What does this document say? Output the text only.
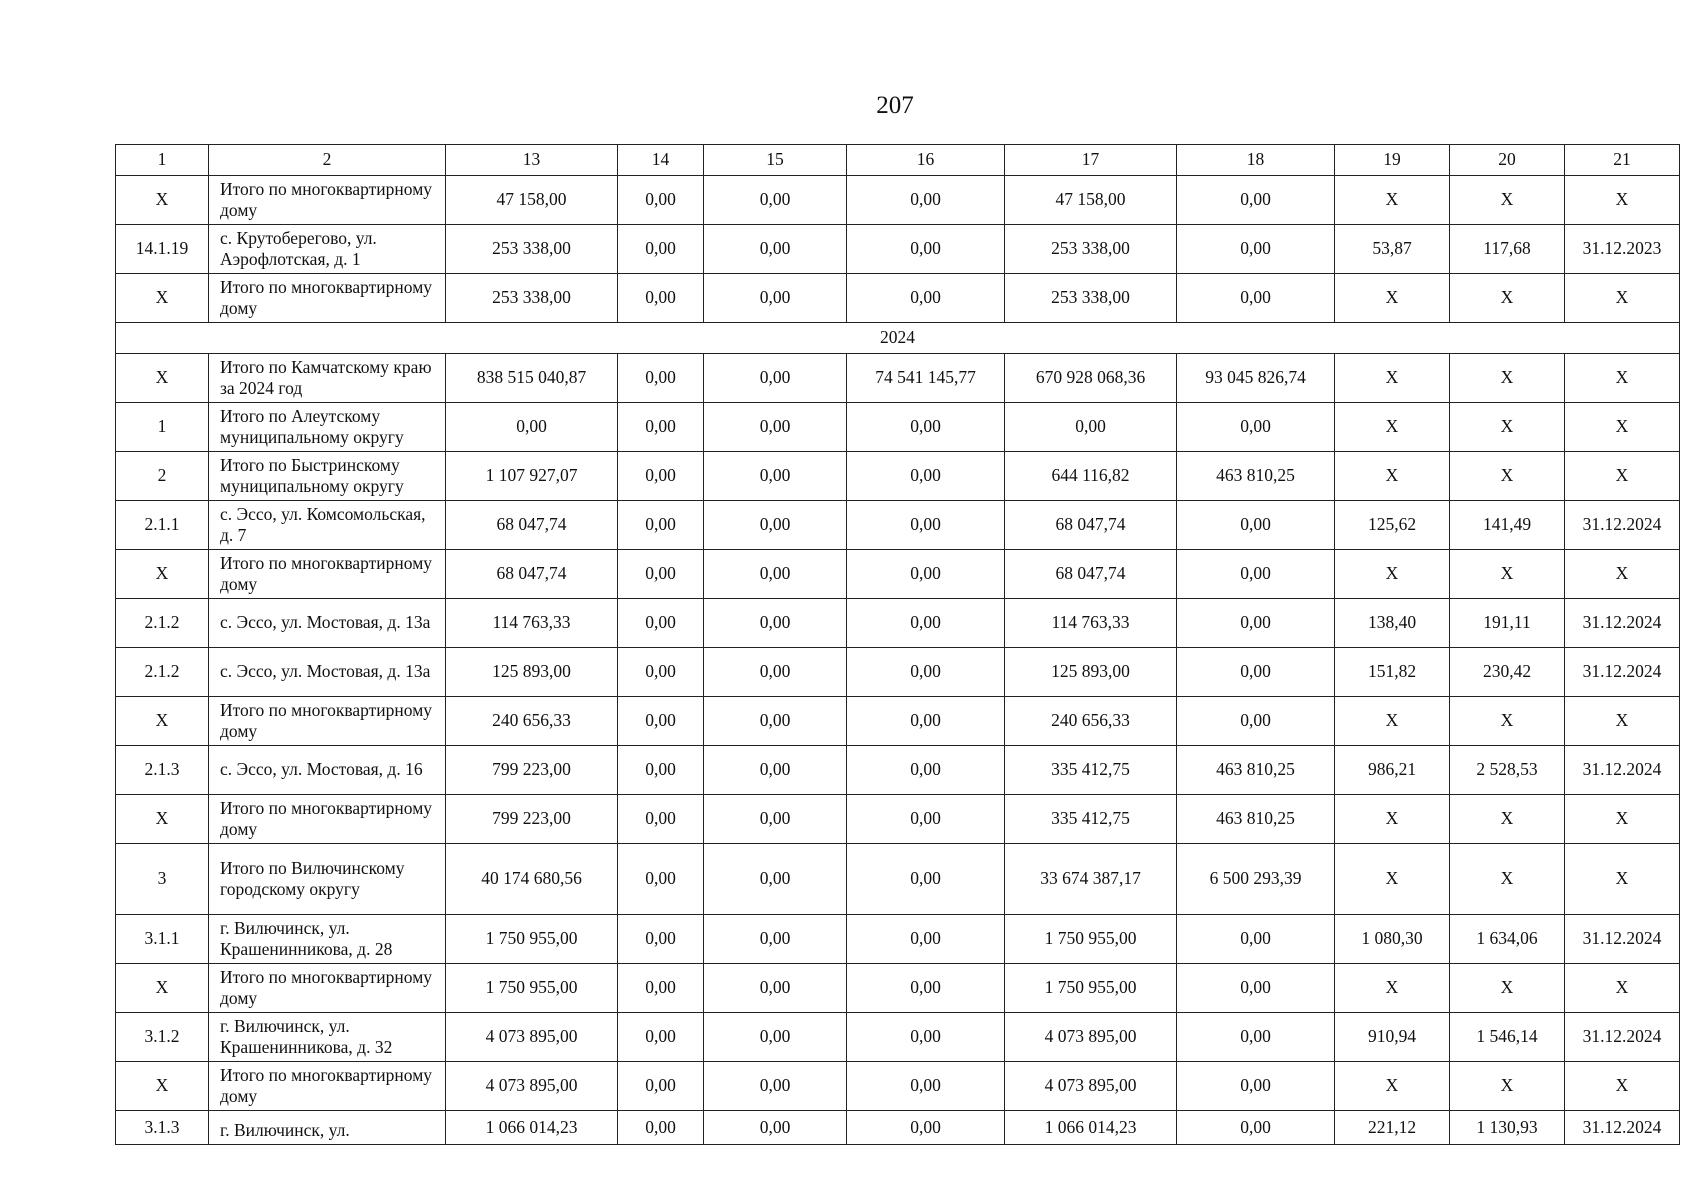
207
1	2	13	14	15	16	17	18	19	20	21
Х	Итого по многоквартирному дому	47 158,00	0,00	0,00	0,00	47 158,00	0,00	Х	Х	Х
14.1.19	с. Крутоберегово, ул. Аэрофлотская, д. 1	253 338,00	0,00	0,00	0,00	253 338,00	0,00	53,87	117,68	31.12.2023
Х	Итого по многоквартирному дому	253 338,00	0,00	0,00	0,00	253 338,00	0,00	Х	Х	Х
2024										
Х	Итого по Камчатскому краю за 2024 год	838 515 040,87	0,00	0,00	74 541 145,77	670 928 068,36	93 045 826,74	Х	Х	Х
1	Итого по Алеутскому муниципальному округу	0,00	0,00	0,00	0,00	0,00	0,00	Х	Х	Х
2	Итого по Быстринскому муниципальному округу	1 107 927,07	0,00	0,00	0,00	644 116,82	463 810,25	Х	Х	Х
2.1.1	с. Эссо, ул. Комсомольская, д. 7	68 047,74	0,00	0,00	0,00	68 047,74	0,00	125,62	141,49	31.12.2024
Х	Итого по многоквартирному дому	68 047,74	0,00	0,00	0,00	68 047,74	0,00	Х	Х	Х
2.1.2	с. Эссо, ул. Мостовая, д. 13а	114 763,33	0,00	0,00	0,00	114 763,33	0,00	138,40	191,11	31.12.2024
2.1.2	с. Эссо, ул. Мостовая, д. 13а	125 893,00	0,00	0,00	0,00	125 893,00	0,00	151,82	230,42	31.12.2024
Х	Итого по многоквартирному дому	240 656,33	0,00	0,00	0,00	240 656,33	0,00	Х	Х	Х
2.1.3	с. Эссо, ул. Мостовая, д. 16	799 223,00	0,00	0,00	0,00	335 412,75	463 810,25	986,21	2 528,53	31.12.2024
Х	Итого по многоквартирному дому	799 223,00	0,00	0,00	0,00	335 412,75	463 810,25	Х	Х	Х
3	Итого по Вилючинскому городскому округу	40 174 680,56	0,00	0,00	0,00	33 674 387,17	6 500 293,39	Х	Х	Х
3.1.1	г. Вилючинск, ул. Крашенинникова, д. 28	1 750 955,00	0,00	0,00	0,00	1 750 955,00	0,00	1 080,30	1 634,06	31.12.2024
Х	Итого по многоквартирному дому	1 750 955,00	0,00	0,00	0,00	1 750 955,00	0,00	Х	Х	Х
3.1.2	г. Вилючинск, ул. Крашенинникова, д. 32	4 073 895,00	0,00	0,00	0,00	4 073 895,00	0,00	910,94	1 546,14	31.12.2024
Х	Итого по многоквартирному дому	4 073 895,00	0,00	0,00	0,00	4 073 895,00	0,00	Х	Х	Х
3.1.3	г. Вилючинск, ул.	1 066 014,23	0,00	0,00	0,00	1 066 014,23	0,00	221,12	1 130,93	31.12.2024
